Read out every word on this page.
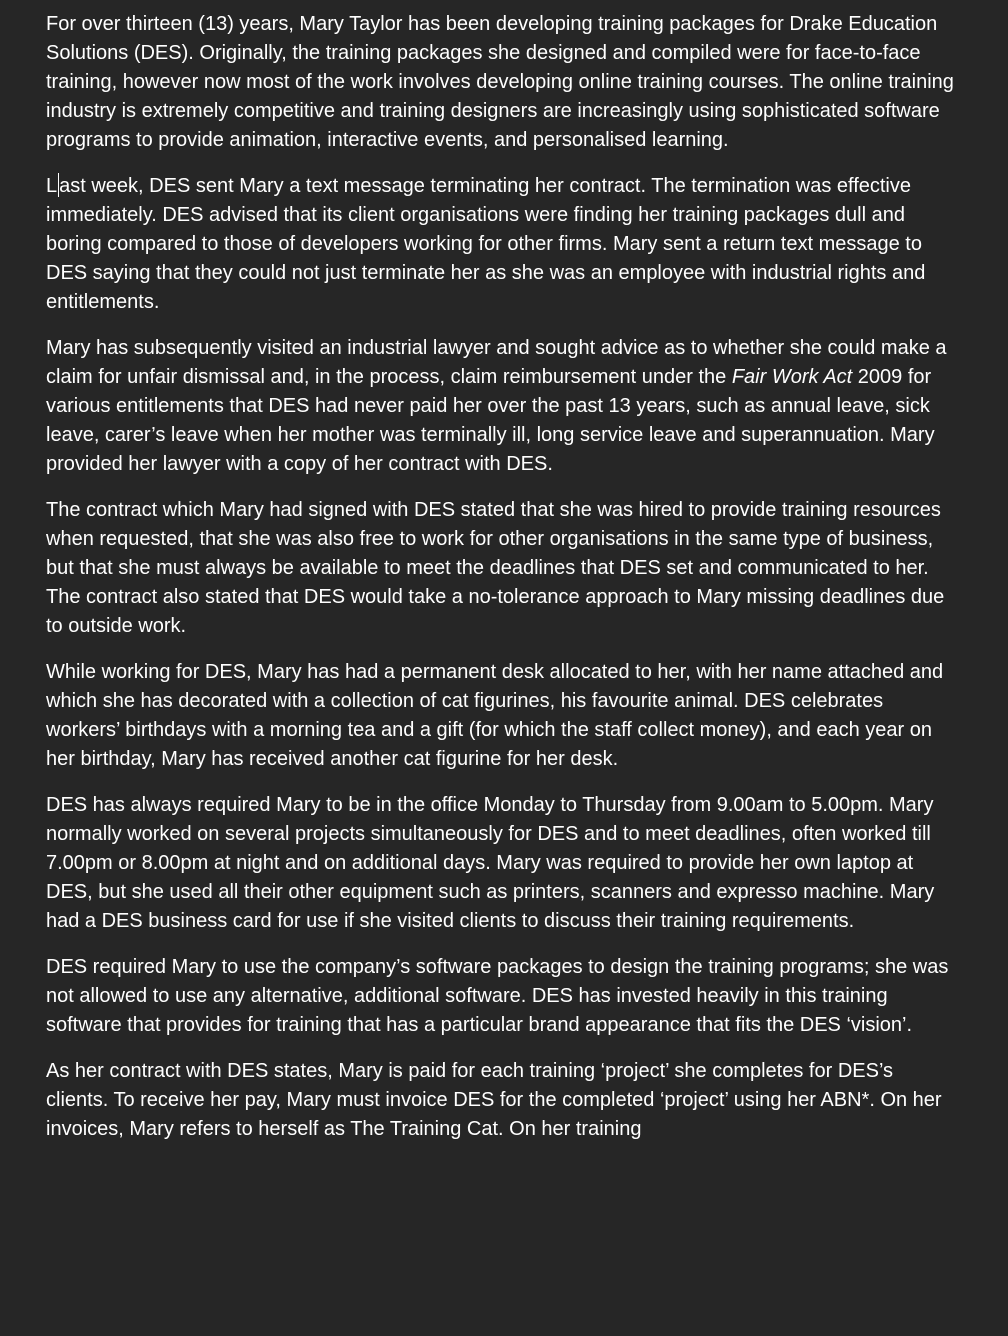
For over thirteen (13) years, Mary Taylor has been developing training packages for Drake Education Solutions (DES). Originally, the training packages she designed and compiled were for face-to-face training, however now most of the work involves developing online training courses. The online training industry is extremely competitive and training designers are increasingly using sophisticated software programs to provide animation, interactive events, and personalised learning.

L ast week, DES sent Mary a text message terminating her contract. The termination was effective immediately. DES advised that its client organisations were finding her training packages dull and boring compared to those of developers working for other firms. Mary sent a return text message to DES saying that they could not just terminate her as she was an employee with industrial rights and entitlements.

Mary has subsequently visited an industrial lawyer and sought advice as to whether she could make a claim for unfair dismissal and, in the process, claim reimbursement under the Fair Work Act 2009 for various entitlements that DES had never paid her over the past 13 years, such as annual leave, sick leave, carer’s leave when her mother was terminally ill, long service leave and superannuation. Mary provided her lawyer with a copy of her contract with DES.

The contract which Mary had signed with DES stated that she was hired to provide training resources when requested, that she was also free to work for other organisations in the same type of business, but that she must always be available to meet the deadlines that DES set and communicated to her. The contract also stated that DES would take a no-tolerance approach to Mary missing deadlines due to outside work.

While working for DES, Mary has had a permanent desk allocated to her, with her name attached and which she has decorated with a collection of cat figurines, his favourite animal. DES celebrates workers’ birthdays with a morning tea and a gift (for which the staff collect money), and each year on her birthday, Mary has received another cat figurine for her desk.

DES has always required Mary to be in the office Monday to Thursday from 9.00am to 5.00pm. Mary normally worked on several projects simultaneously for DES and to meet deadlines, often worked till 7.00pm or 8.00pm at night and on additional days. Mary was required to provide her own laptop at DES, but she used all their other equipment such as printers, scanners and expresso machine. Mary had a DES business card for use if she visited clients to discuss their training requirements.

DES required Mary to use the company’s software packages to design the training programs; she was not allowed to use any alternative, additional software. DES has invested heavily in this training software that provides for training that has a particular brand appearance that fits the DES ‘vision’.

As her contract with DES states, Mary is paid for each training ‘project’ she completes for DES’s clients. To receive her pay, Mary must invoice DES for the completed ‘project’ using her ABN*. On her invoices, Mary refers to herself as The Training Cat. On her training
